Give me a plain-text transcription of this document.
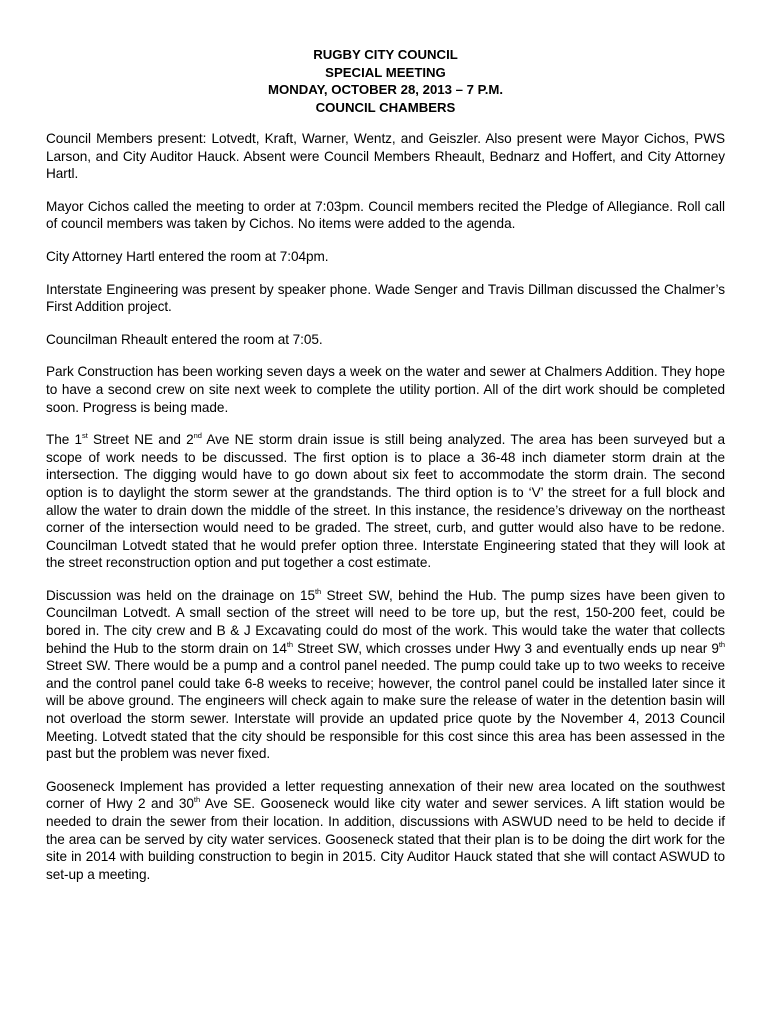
RUGBY CITY COUNCIL
SPECIAL MEETING
MONDAY, OCTOBER 28, 2013 – 7 P.M.
COUNCIL CHAMBERS

Council Members present: Lotvedt, Kraft, Warner, Wentz, and Geiszler. Also present were Mayor Cichos, PWS Larson, and City Auditor Hauck. Absent were Council Members Rheault, Bednarz and Hoffert, and City Attorney Hartl.

Mayor Cichos called the meeting to order at 7:03pm. Council members recited the Pledge of Allegiance. Roll call of council members was taken by Cichos. No items were added to the agenda.

City Attorney Hartl entered the room at 7:04pm.

Interstate Engineering was present by speaker phone. Wade Senger and Travis Dillman discussed the Chalmer’s First Addition project.

Councilman Rheault entered the room at 7:05.

Park Construction has been working seven days a week on the water and sewer at Chalmers Addition. They hope to have a second crew on site next week to complete the utility portion. All of the dirt work should be completed soon. Progress is being made.

The 1st Street NE and 2nd Ave NE storm drain issue is still being analyzed. The area has been surveyed but a scope of work needs to be discussed. The first option is to place a 36-48 inch diameter storm drain at the intersection. The digging would have to go down about six feet to accommodate the storm drain. The second option is to daylight the storm sewer at the grandstands. The third option is to ‘V’ the street for a full block and allow the water to drain down the middle of the street. In this instance, the residence’s driveway on the northeast corner of the intersection would need to be graded. The street, curb, and gutter would also have to be redone. Councilman Lotvedt stated that he would prefer option three. Interstate Engineering stated that they will look at the street reconstruction option and put together a cost estimate.

Discussion was held on the drainage on 15th Street SW, behind the Hub. The pump sizes have been given to Councilman Lotvedt. A small section of the street will need to be tore up, but the rest, 150-200 feet, could be bored in. The city crew and B & J Excavating could do most of the work. This would take the water that collects behind the Hub to the storm drain on 14th Street SW, which crosses under Hwy 3 and eventually ends up near 9th Street SW. There would be a pump and a control panel needed. The pump could take up to two weeks to receive and the control panel could take 6-8 weeks to receive; however, the control panel could be installed later since it will be above ground. The engineers will check again to make sure the release of water in the detention basin will not overload the storm sewer. Interstate will provide an updated price quote by the November 4, 2013 Council Meeting. Lotvedt stated that the city should be responsible for this cost since this area has been assessed in the past but the problem was never fixed.

Gooseneck Implement has provided a letter requesting annexation of their new area located on the southwest corner of Hwy 2 and 30th Ave SE. Gooseneck would like city water and sewer services. A lift station would be needed to drain the sewer from their location. In addition, discussions with ASWUD need to be held to decide if the area can be served by city water services. Gooseneck stated that their plan is to be doing the dirt work for the site in 2014 with building construction to begin in 2015. City Auditor Hauck stated that she will contact ASWUD to set-up a meeting.
